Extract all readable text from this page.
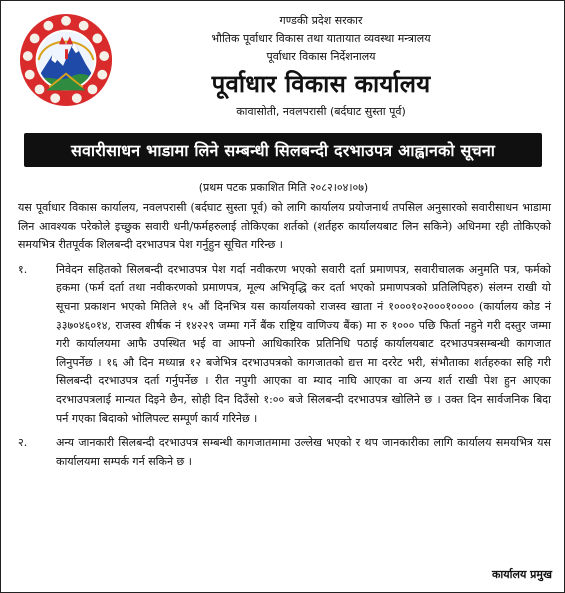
गण्डकी प्रदेश सरकार
भौतिक पूर्वाधार विकास तथा यातायात व्यवस्था मन्त्रालय
पूर्वाधार विकास निर्देशनालय
पूर्वाधार विकास कार्यालय
कावासोती, नवलपरासी (बर्दघाट सुस्ता पूर्व)
सवारीसाधन भाडामा लिने सम्बन्धी सिलबन्दी दरभाउपत्र आह्वानको सूचना
(प्रथम पटक प्रकाशित मिति २०८२।०४।०७)

यस पूर्वाधार विकास कार्यालय, नवलपरासी (बर्दघाट सुस्ता पूर्व) को लागि कार्यालय प्रयोजनार्थ तपसिल अनुसारको सवारीसाधन भाडामा लिन आवश्यक परेकोले इच्छुक सवारी धनी/फर्महरुलाई तोकिएका शर्तको (शर्तहरु कार्यालयबाट लिन सकिने) अधिनमा रही तोकिएको समयभित्र रीतपूर्वक शिलबन्दी दरभाउपत्र पेश गर्नुहुन सूचित गरिन्छ ।

१.	निवेदन सहितको सिलबन्दी दरभाउपत्र पेश गर्दा नवीकरण भएको सवारी दर्ता प्रमाणपत्र, सवारीचालक अनुमति पत्र, फर्मको हकमा (फर्म दर्ता तथा नवीकरणको प्रमाणपत्र, मूल्य अभिवृद्धि कर दर्ता भएको प्रमाणपत्रको प्रतिलिपिहरु) संलग्न राखी यो सूचना प्रकाशन भएको मितिले १५ औं दिनभित्र यस कार्यालयको राजस्व खाता नं १०००१०२०००१०००० (कार्यालय कोड नं ३३७०४६०१४, राजस्व शीर्षक नं १४२२९ जम्मा गर्ने बैंक राष्ट्रिय वाणिज्य बैंक) मा रु १००० पछि फिर्ता नहुने गरी दस्तुर जम्मा गरी कार्यालयमा आफै उपस्थित भई वा आफ्नो आधिकारिक प्रतिनिधि पठाई कार्यालयबाट दरभाउपत्रसम्बन्धी कागजात लिनुपर्नेछ । १६ औ दिन मध्यान्न १२ बजेभित्र दरभाउपत्रको कागजातको द्यत्त मा दररेट भरी, संभौताका शर्तहरुका सहि गरी सिलबन्दी दरभाउपत्र दर्ता गर्नुपर्नेछ । रीत नपुगी आएका वा म्याद नाघि आएका वा अन्य शर्त राखी पेश हुन आएका दरभाउपत्रलाई मान्यत दिइने छैन, सोही दिन दिउँसो १:०० बजे सिलबन्दी दरभाउपत्र खोलिने छ । उक्त दिन सार्वजनिक बिदा पर्न गएका बिदाको भोलिपल्ट सम्पूर्ण कार्य गरिनेछ ।
२.	अन्य जानकारी सिलबन्दी दरभाउपत्र सम्बन्धी कागजातमामा उल्लेख भएको र थप जानकारीका लागि कार्यालय समयभित्र यस कार्यालयमा सम्पर्क गर्न सकिने छ ।
कार्यालय प्रमुख
